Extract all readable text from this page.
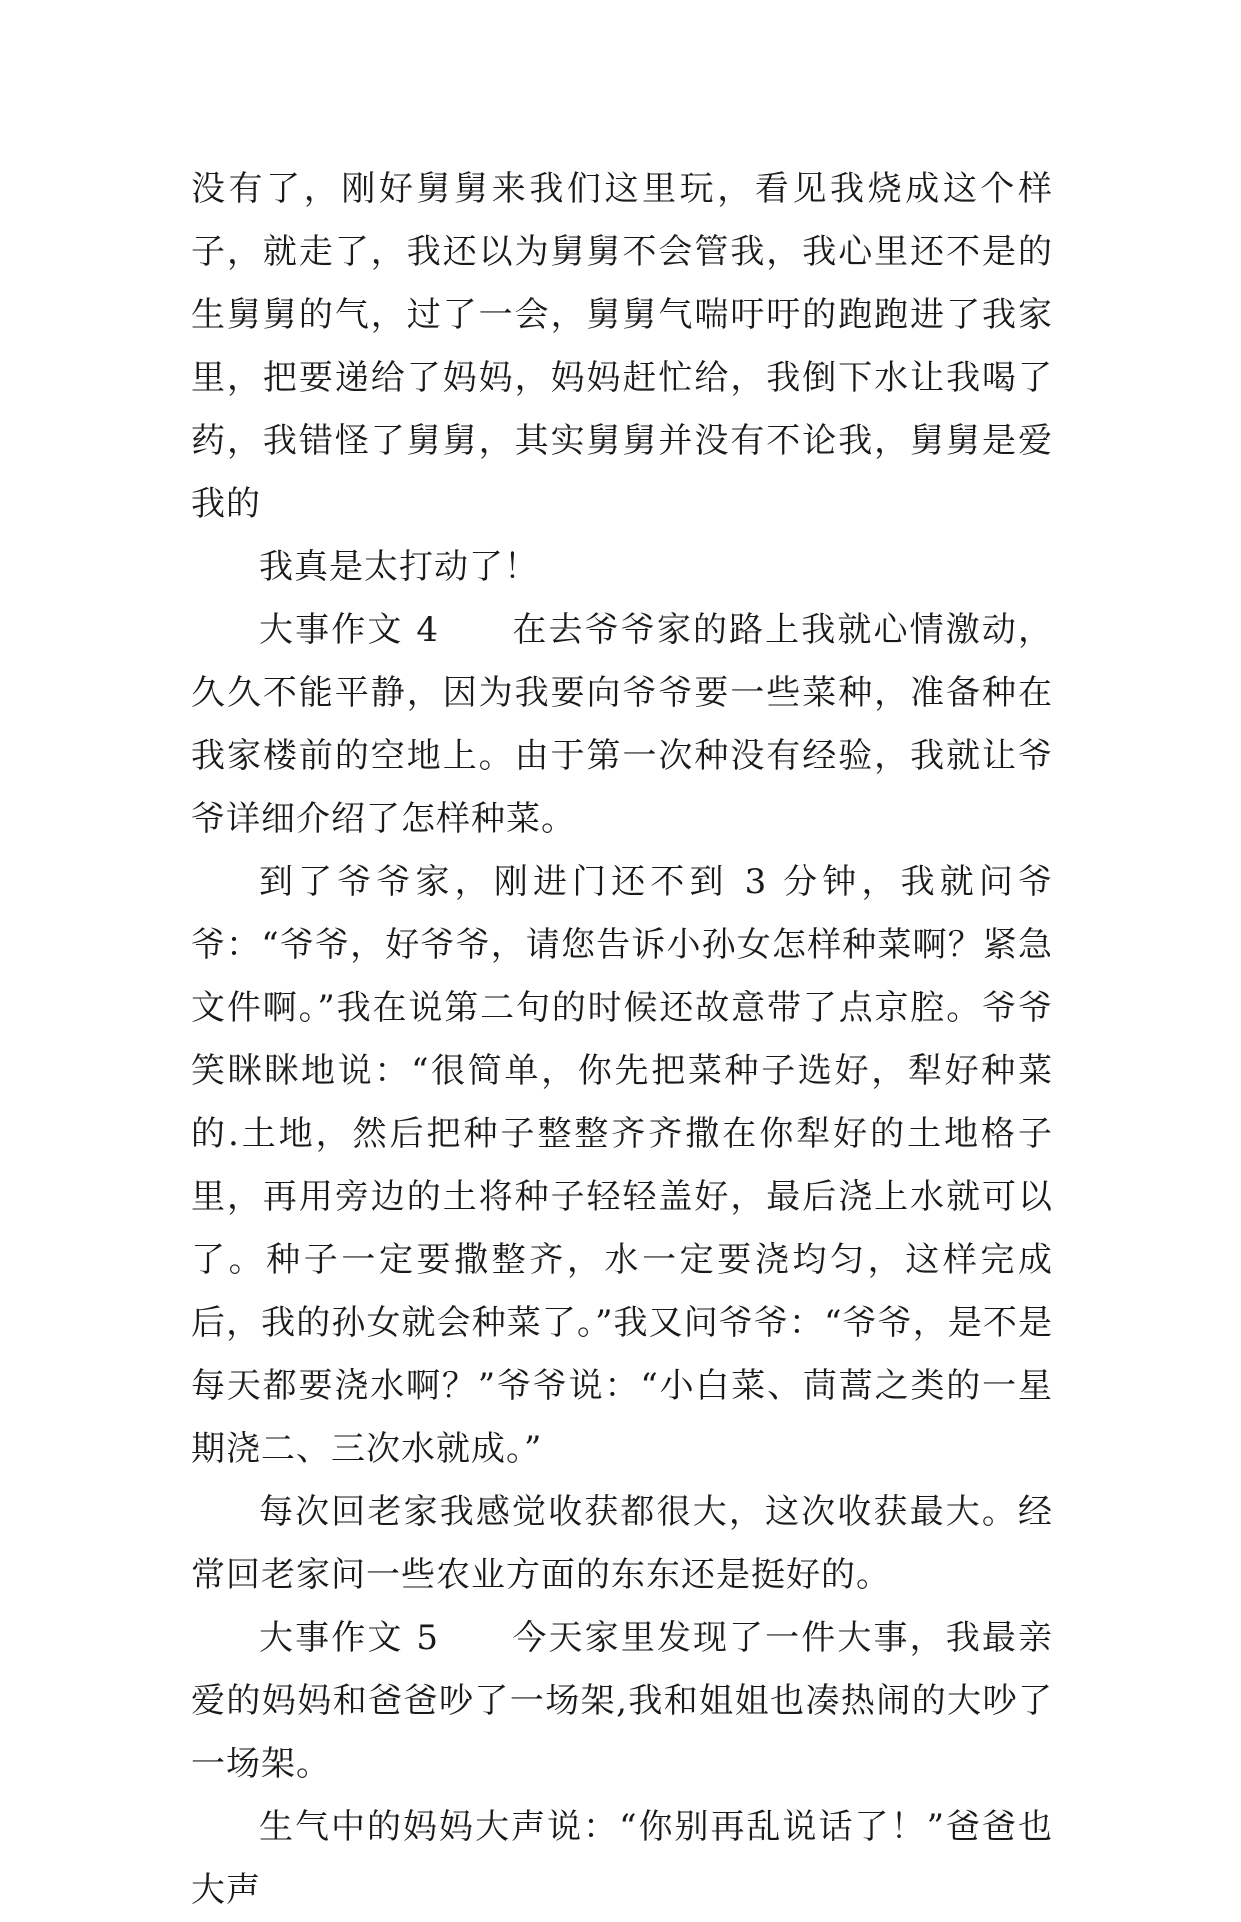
没有了，刚好舅舅来我们这里玩，看见我烧成这个样子，就走了，我还以为舅舅不会管我，我心里还不是的生舅舅的气，过了一会，舅舅气喘吁吁的跑跑进了我家里，把要递给了妈妈，妈妈赶忙给，我倒下水让我喝了药，我错怪了舅舅，其实舅舅并没有不论我，舅舅是爱我的

我真是太打动了！

大事作文 4　　在去爷爷家的路上我就心情激动，久久不能平静，因为我要向爷爷要一些菜种，准备种在我家楼前的空地上。由于第一次种没有经验，我就让爷爷详细介绍了怎样种菜。

到了爷爷家，刚进门还不到 3 分钟，我就问爷爷：“爷爷，好爷爷，请您告诉小孙女怎样种菜啊？紧急文件啊。”我在说第二句的时候还故意带了点京腔。爷爷笑眯眯地说：“很简单，你先把菜种子选好，犁好种菜的.土地，然后把种子整整齐齐撒在你犁好的土地格子里，再用旁边的土将种子轻轻盖好，最后浇上水就可以了。种子一定要撒整齐，水一定要浇均匀，这样完成后，我的孙女就会种菜了。”我又问爷爷：“爷爷，是不是每天都要浇水啊？”爷爷说：“小白菜、茼蒿之类的一星期浇二、三次水就成。”

每次回老家我感觉收获都很大，这次收获最大。经常回老家问一些农业方面的东东还是挺好的。

大事作文 5　　今天家里发现了一件大事，我最亲爱的妈妈和爸爸吵了一场架,我和姐姐也凑热闹的大吵了一场架。

生气中的妈妈大声说：“你别再乱说话了！”爸爸也大声
